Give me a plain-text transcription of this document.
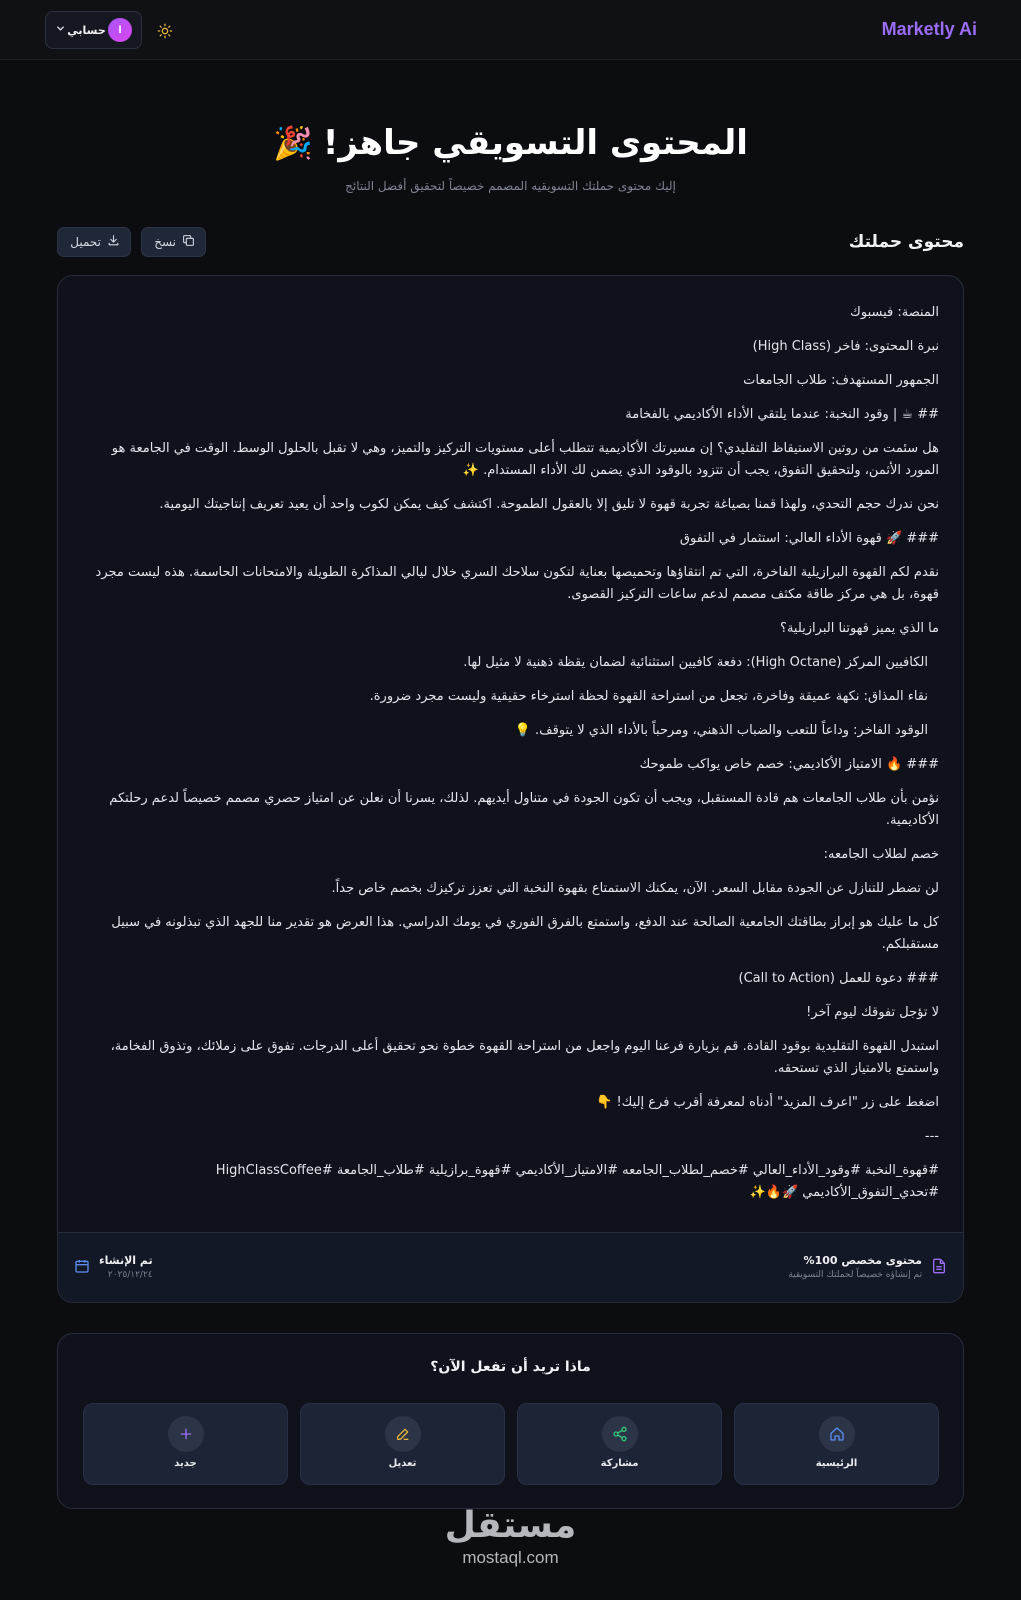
Marketly Ai
I
حسابي
المحتوى التسويقي جاهز!🎉
إليك محتوى حملتك التسويقيه المصمم خصيصاً لتحقيق أفضل النتائج
محتوى حملتك
نسخ
تحميل

المنصة: فيسبوك

نبرة المحتوى: فاخر (High Class)

الجمهور المستهدف: طلاب الجامعات

## ☕ | وقود النخبة: عندما يلتقي الأداء الأكاديمي بالفخامة

هل سئمت من روتين الاستيقاظ التقليدي؟ إن مسيرتك الأكاديمية تتطلب أعلى مستويات التركيز والتميز، وهي لا تقبل بالحلول الوسط. الوقت في الجامعة هو المورد الأثمن، ولتحقيق التفوق، يجب أن تتزود بالوقود الذي يضمن لك الأداء المستدام. ✨

نحن ندرك حجم التحدي، ولهذا قمنا بصياغة تجربة قهوة لا تليق إلا بالعقول الطموحة. اكتشف كيف يمكن لكوب واحد أن يعيد تعريف إنتاجيتك اليومية.

### 🚀 قهوة الأداء العالي: استثمار في التفوق

نقدم لكم القهوة البرازيلية الفاخرة، التي تم انتقاؤها وتحميصها بعناية لتكون سلاحك السري خلال ليالي المذاكرة الطويلة والامتحانات الحاسمة. هذه ليست مجرد قهوة، بل هي مركز طاقة مكثف مصمم لدعم ساعات التركيز القصوى.

ما الذي يميز قهوتنا البرازيلية؟

الكافيين المركز (High Octane): دفعة كافيين استثنائية لضمان يقظة ذهنية لا مثيل لها.

نقاء المذاق: نكهة عميقة وفاخرة، تجعل من استراحة القهوة لحظة استرخاء حقيقية وليست مجرد ضرورة.

الوقود الفاخر: وداعاً للتعب والضباب الذهني، ومرحباً بالأداء الذي لا يتوقف. 💡

### 🔥 الامتياز الأكاديمي: خصم خاص يواكب طموحك

نؤمن بأن طلاب الجامعات هم قادة المستقبل، ويجب أن تكون الجودة في متناول أيديهم. لذلك، يسرنا أن نعلن عن امتياز حصري مصمم خصيصاً لدعم رحلتكم الأكاديمية.

خصم لطلاب الجامعه:

لن تضطر للتنازل عن الجودة مقابل السعر. الآن، يمكنك الاستمتاع بقهوة النخبة التي تعزز تركيزك بخصم خاص جداً.

كل ما عليك هو إبراز بطاقتك الجامعية الصالحة عند الدفع، واستمتع بالفرق الفوري في يومك الدراسي. هذا العرض هو تقدير منا للجهد الذي تبذلونه في سبيل مستقبلكم.

### دعوة للعمل (Call to Action)

لا تؤجل تفوقك ليوم آخر!

استبدل القهوة التقليدية بوقود القادة. قم بزيارة فرعنا اليوم واجعل من استراحة القهوة خطوة نحو تحقيق أعلى الدرجات. تفوق على زملائك، وتذوق الفخامة، واستمتع بالامتياز الذي تستحقه.

اضغط على زر "اعرف المزيد" أدناه لمعرفة أقرب فرع إليك! 👇

---

#قهوة_النخبة #وقود_الأداء_العالي #خصم_لطلاب_الجامعه #الامتياز_الأكاديمي #قهوة_برازيلية #طلاب_الجامعة #HighClassCoffee #تحدي_التفوق_الأكاديمي 🚀🔥✨

محتوى مخصص 100%
تم إنشاؤه خصيصاً لحملتك التسويقية
تم الإنشاء
٢٠٢٥/١٢/٢٤
ماذا تريد أن تفعل الآن؟
الرئيسية
مشاركة
تعديل
جديد
مستقل
mostaql.com
